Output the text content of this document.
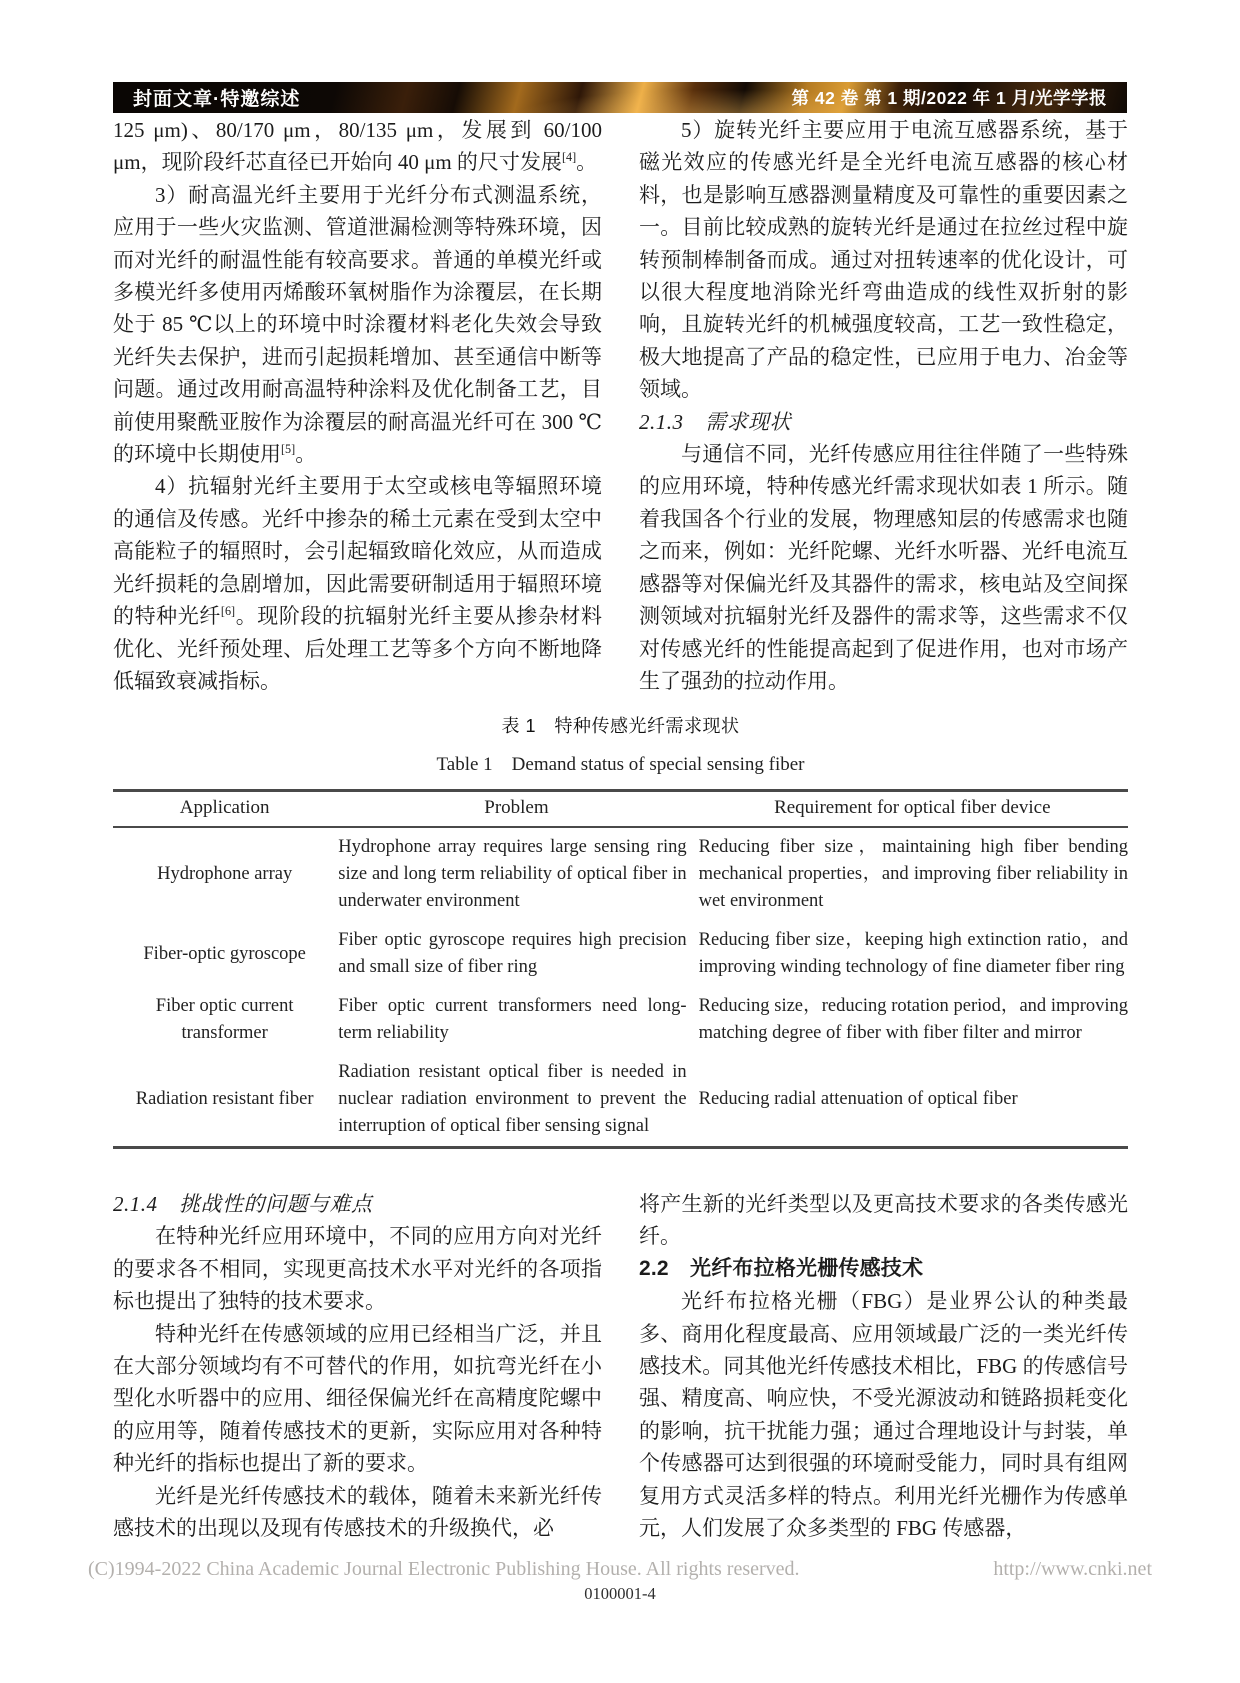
封面文章·特邀综述	第 42 卷 第 1 期/2022 年 1 月/光学学报

125 μm)、80/170 μm，80/135 μm，发展到 60/100 μm，现阶段纤芯直径已开始向 40 μm 的尺寸发展[4]。

3）耐高温光纤主要用于光纤分布式测温系统，应用于一些火灾监测、管道泄漏检测等特殊环境，因而对光纤的耐温性能有较高要求。普通的单模光纤或多模光纤多使用丙烯酸环氧树脂作为涂覆层，在长期处于 85 ℃以上的环境中时涂覆材料老化失效会导致光纤失去保护，进而引起损耗增加、甚至通信中断等问题。通过改用耐高温特种涂料及优化制备工艺，目前使用聚酰亚胺作为涂覆层的耐高温光纤可在 300 ℃的环境中长期使用[5]。

4）抗辐射光纤主要用于太空或核电等辐照环境的通信及传感。光纤中掺杂的稀土元素在受到太空中高能粒子的辐照时，会引起辐致暗化效应，从而造成光纤损耗的急剧增加，因此需要研制适用于辐照环境的特种光纤[6]。现阶段的抗辐射光纤主要从掺杂材料优化、光纤预处理、后处理工艺等多个方向不断地降低辐致衰减指标。

5）旋转光纤主要应用于电流互感器系统，基于磁光效应的传感光纤是全光纤电流互感器的核心材料，也是影响互感器测量精度及可靠性的重要因素之一。目前比较成熟的旋转光纤是通过在拉丝过程中旋转预制棒制备而成。通过对扭转速率的优化设计，可以很大程度地消除光纤弯曲造成的线性双折射的影响，且旋转光纤的机械强度较高，工艺一致性稳定，极大地提高了产品的稳定性，已应用于电力、冶金等领域。

2.1.3　需求现状

与通信不同，光纤传感应用往往伴随了一些特殊的应用环境，特种传感光纤需求现状如表 1 所示。随着我国各个行业的发展，物理感知层的传感需求也随之而来，例如：光纤陀螺、光纤水听器、光纤电流互感器等对保偏光纤及其器件的需求，核电站及空间探测领域对抗辐射光纤及器件的需求等，这些需求不仅对传感光纤的性能提高起到了促进作用，也对市场产生了强劲的拉动作用。

表 1　特种传感光纤需求现状
Table 1　Demand status of special sensing fiber
Application	Problem	Requirement for optical fiber device
Hydrophone array	Hydrophone array requires large sensing ring size and long term reliability of optical fiber in underwater environment	Reducing fiber size，maintaining high fiber bending mechanical properties，and improving fiber reliability in wet environment
Fiber-optic gyroscope	Fiber optic gyroscope requires high precision and small size of fiber ring	Reducing fiber size，keeping high extinction ratio，and improving winding technology of fine diameter fiber ring
Fiber optic current transformer	Fiber optic current transformers need long-term reliability	Reducing size，reducing rotation period，and improving matching degree of fiber with fiber filter and mirror
Radiation resistant fiber	Radiation resistant optical fiber is needed in nuclear radiation environment to prevent the interruption of optical fiber sensing signal	Reducing radial attenuation of optical fiber

2.1.4　挑战性的问题与难点

在特种光纤应用环境中，不同的应用方向对光纤的要求各不相同，实现更高技术水平对光纤的各项指标也提出了独特的技术要求。

特种光纤在传感领域的应用已经相当广泛，并且在大部分领域均有不可替代的作用，如抗弯光纤在小型化水听器中的应用、细径保偏光纤在高精度陀螺中的应用等，随着传感技术的更新，实际应用对各种特种光纤的指标也提出了新的要求。

光纤是光纤传感技术的载体，随着未来新光纤传感技术的出现以及现有传感技术的升级换代，必

将产生新的光纤类型以及更高技术要求的各类传感光纤。

2.2　光纤布拉格光栅传感技术

光纤布拉格光栅（FBG）是业界公认的种类最多、商用化程度最高、应用领域最广泛的一类光纤传感技术。同其他光纤传感技术相比，FBG 的传感信号强、精度高、响应快，不受光源波动和链路损耗变化的影响，抗干扰能力强；通过合理地设计与封装，单个传感器可达到很强的环境耐受能力，同时具有组网复用方式灵活多样的特点。利用光纤光栅作为传感单元，人们发展了众多类型的 FBG 传感器，

(C)1994-2022 China Academic Journal Electronic Publishing House. All rights reserved.	http://www.cnki.net
0100001-4
